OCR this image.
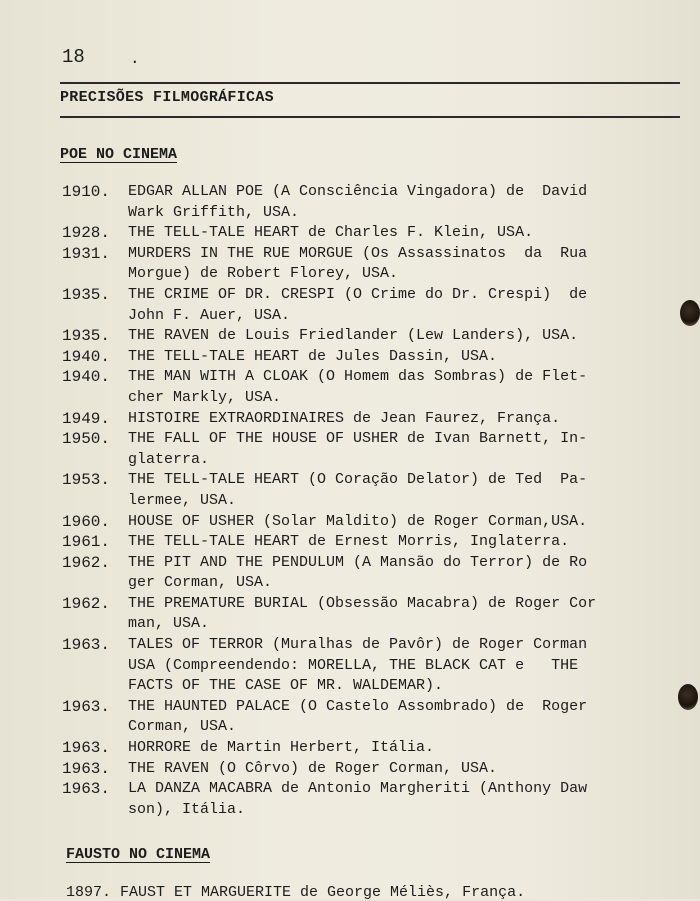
18	.
PRECISÕES FILMOGRÁFICAS
POE NO CINEMA
1910.	EDGAR ALLAN POE (A Consciência Vingadora) de  David
Wark Griffith, USA.
1928.	THE TELL-TALE HEART de Charles F. Klein, USA.
1931.	MURDERS IN THE RUE MORGUE (Os Assassinatos  da  Rua
Morgue) de Robert Florey, USA.
1935.	THE CRIME OF DR. CRESPI (O Crime do Dr. Crespi)  de
John F. Auer, USA.
1935.	THE RAVEN de Louis Friedlander (Lew Landers), USA.
1940.	THE TELL-TALE HEART de Jules Dassin, USA.
1940.	THE MAN WITH A CLOAK (O Homem das Sombras) de Flet-
cher Markly, USA.
1949.	HISTOIRE EXTRAORDINAIRES de Jean Faurez, França.
1950.	THE FALL OF THE HOUSE OF USHER de Ivan Barnett, In-
glaterra.
1953.	THE TELL-TALE HEART (O Coração Delator) de Ted  Pa-
lermee, USA.
1960.	HOUSE OF USHER (Solar Maldito) de Roger Corman,USA.
1961.	THE TELL-TALE HEART de Ernest Morris, Inglaterra.
1962.	THE PIT AND THE PENDULUM (A Mansão do Terror) de Ro
ger Corman, USA.
1962.	THE PREMATURE BURIAL (Obsessão Macabra) de Roger Cor
man, USA.
1963.	TALES OF TERROR (Muralhas de Pavôr) de Roger Corman
USA (Compreendendo: MORELLA, THE BLACK CAT e   THE
FACTS OF THE CASE OF MR. WALDEMAR).
1963.	THE HAUNTED PALACE (O Castelo Assombrado) de  Roger
Corman, USA.
1963.	HORRORE de Martin Herbert, Itália.
1963.	THE RAVEN (O Côrvo) de Roger Corman, USA.
1963.	LA DANZA MACABRA de Antonio Margheriti (Anthony Daw
son), Itália.
FAUSTO NO CINEMA
1897. FAUST ET MARGUERITE de George Méliès, França.
